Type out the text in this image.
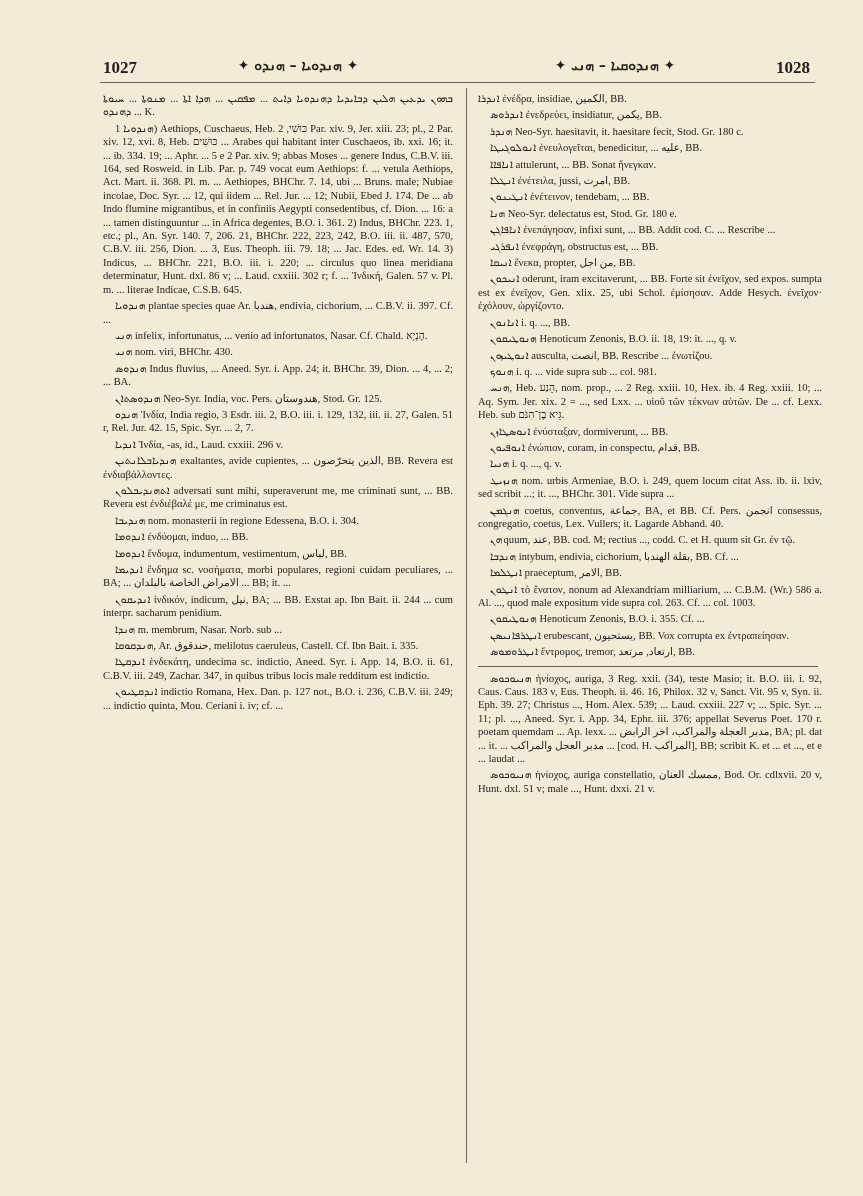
1027	✦ ܗܢܕܘܝܐ – ܗܢܕܘ ✦	✦ ܗܢܕܘܩܝܐ – ܗܢܝ ✦	1028

ܒܗܘܢ ܝܕܥܝܢ ܗܠܝܢ ܕܒܐܝܕܝܐ ܕܗܢܕܘܝܐ ܕܐܝܬ ... ܡܦܩܝܢ ... ܗܕܐ ܐܬܐ ... ܡܢܘܬܐ ... ܚܝܘܬܐ ܕܗܢܕܘ ... K.

ܗܢܕܘܝܐ 1) Aethiops, Cuschaeus, Heb. כּוּשִׁי, 2 Par. xiv. 9, Jer. xiii. 23; pl., 2 Par. xiv. 12, xvi. 8, Heb. כּוּשִׁים ... Arabes qui habitant inter Cuschaeos, ib. xxi. 16; it. ... ib. 334. 19; ... Aphr. ... 5 e 2 Par. xiv. 9; abbas Moses ... genere Indus, C.B.V. iii. 164, sed Rosweid. in Lib. Par. p. 749 vocat eum Aethiops: f. ... vetula Aethiops, Act. Mart. ii. 368. Pl. m. ... Aethiopes, BHChr. 7. 14, ubi ... Bruns. male; Nubiae incolae, Doc. Syr. ... 12, qui iidem ... Rel. Jur. ... 12; Nubii, Ebed J. 174. De ... ab Indo flumine migrantibus, et in confiniis Aegypti consedentibus, cf. Dion. ... 16: a ... tamen distinguuntur ... in Africa degentes, B.O. i. 361. 2) Indus, BHChr. 223. 1, etc.; pl., An. Syr. 140. 7, 206. 21, BHChr. 222, 223, 242, B.O. iii. ii. 487, 570, C.B.V. iii. 256, Dion. ... 3, Eus. Theoph. iii. 79. 18; ... Jac. Edes. ed. Wr. 14. 3) Indicus, ... BHChr. 221, B.O. iii. i. 220; ... circulus quo linea meridiana determinatur, Hunt. dxl. 86 v; ... Laud. cxxiii. 302 r; f. ... Ἰνδική, Galen. 57 v. Pl. m. ... literae Indicae, C.S.B. 645.

ܗܢܕܘܝܐ plantae species quae Ar. هندبا, endivia, cichorium, ... C.B.V. ii. 397. Cf. ...

ܗܢܝ infelix, infortunatus, ... venio ad infortunatos, Nasar. Cf. Chald. הֶנְיָא.

ܗܢܝ nom. viri, BHChr. 430.

ܗܢܕܘܣ Indus fluvius, ... Aneed. Syr. i. App. 24; it. BHChr. 39, Dion. ... 4, ... 2; ... BA.

ܗܢܕܘܣܬܐܢ Neo-Syr. India, voc. Pers. هندوستان, Stod. Gr. 125.

ܗܢܕܘ Ἰνδία, India regio, 3 Esdr. iii. 2, B.O. iii. i. 129, 132, iii. ii. 27, Galen. 51 r, Rel. Jur. 42. 15, Spic. Syr. ... 2, 7.

ܐܢܕܝܐ Ἰνδία, -as, id., Laud. cxxiii. 296 v.

ܗܢܕܝܐܒܠܐܢܬܝܢ exaltantes, avide cupientes, ... الذين يتحرّصون, BB. Revera est ἐνδιαβάλλοντες.

ܐܬܗܢܕܝܒܠܘܢ adversati sunt mihi, superaverunt me, me criminati sunt, ... BB. Revera est ἐνδιέβαλέ με, me criminatus est.

ܗܢܕܝܒܐ nom. monasterii in regione Edessena, B.O. i. 304.

ܐܢܕܘܡܐ ἐνδύομαι, induo, ... BB.

ܐܢܕܘܡܐ ἔνδυμα, indumentum, vestimentum, لباس, BB.

ܐܢܕܝܡܐ ἔνδημα sc. νοσήματα, morbi populares, regioni cuidam peculiares, ... BA; ... الامراض الخاصة بالبلدان ... BB; it. ...

ܐܢܕܝܩܘܢ ἰνδικόν, indicum, نيل, BA; ... BB. Exstat ap. Ibn Bait. ii. 244 ... cum interpr. sacharum penidium.

ܗܢܕܐ m. membrum, Nasar. Norb. sub ...

ܗܢܕܩܘܩܐ, Ar. حندقوق, melilotus caeruleus, Castell. Cf. Ibn Bait. i. 335.

ܐܢܕܩܛܐ ἑνδεκάτη, undecima sc. indictio, Aneed. Syr. i. App. 14, B.O. ii. 61, C.B.V. iii. 249, Zachar. 347, in quibus tribus locis male redditum est indictio.

ܐܢܕܩܛܝܘܢ indictio Romana, Hex. Dan. p. 127 not., B.O. i. 236, C.B.V. iii. 249; ... indictio quinta, Mou. Ceriani i. iv; cf. ...

ܐܢܕܪܐ ἐνέδρα, insidiae, الكمين, BB.

ܐܢܕܪܘܣ ἐνεδρεύει, insidiatur, يكمن, BB.

ܗܢܕܪ Neo-Syr. haesitavit, it. haesitare fecit, Stod. Gr. 180 c.

ܐܢܘܠܘܓܝܛܐ ἐνευλογεῖται, benedicitur, ... عليه, BB.

ܐܢܐܦܐܐ attulerunt, ... BB. Sonat ἤνεγκαν.

ܐܢܛܠܐ ἐνέτειλα, jussi, امرت, BB.

ܐܢܛܝܢܘܢ ἐνέτεινον, tendebam, ... BB.

ܗܢܐ Neo-Syr. delectatus est, Stod. Gr. 180 e.

ܐܢܐܦܐܓܢ ἐνεπάγησαν, infixi sunt, ... BB. Addit cod. C. ... Rescribe ...

ܐܢܦܪܓܝ ἐνεφράγη, obstructus est, ... BB.

ܐܢܝܩܐ ἕνεκα, propter, من اجل, BB.

ܐܢܝܟܘܢ oderunt, iram excitaverunt, ... BB. Forte sit ἐνεῖχον, sed expos. sumpta est ex ἐνεῖχον, Gen. xlix. 25, ubi Schol. ἐμίσησαν. Adde Hesych. ἐνεῖχον· ἐχόλουν, ὠργίζοντο.

ܐܢܐܢܘܢ i. q. ..., BB.

ܗܢܘܛܝܩܘܢ Henoticum Zenonis, B.O. ii. 18, 19: it. ..., q. v.

ܐܢܘܛܝܙܘܢ ausculta, انصت, BB. Rescribe ... ἐνωτίζου.

ܗܢܘܟ i. q. ... vide supra sub ... col. 981.

ܗܢܚ, Heb. הֵנַע, nom. prop., ... 2 Reg. xxiii. 10, Hex. ib. 4 Reg. xxiii. 10; ... Aq. Sym. Jer. xix. 2 = ..., sed Lxx. ... υἱοῦ τῶν τέκνων αὐτῶν. De ... cf. Lexx. Heb. sub גֵּיא בֶן־הִנֹּם.

ܐܢܘܣܛܐܙܢ ἐνύσταξαν, dormiverunt, ... BB.

ܐܢܘܦܝܘܢ ἐνώπιον, coram, in conspectu, قدام, BB.

ܗܢܝܐ i. q. ..., q. v.

ܗܢܙܝܛ nom. urbis Armeniae, B.O. i. 249, quem locum citat Ass. ib. ii. lxiv, sed scribit ...; it. ..., BHChr. 301. Vide supra ...

ܗܢܓܡܢ coetus, conventus, جماعة, BA, et BB. Cf. Pers. انجمن consessus, congregatio, coetus, Lex. Vullers; it. Lagarde Abhand. 40.

ܗܢ quum, عند, BB. cod. M; rectius ..., codd. C. et H. quum sit Gr. ἐν τῷ.

ܗܢܕܒܐ intybum, endivia, cichorium, بقلة الهندبا, BB. Cf. ...

ܐܢܛܠܡܐ praeceptum, الامر, BB.

ܐܢܛܘܢ τὸ ἔνατον, nonum ad Alexandriam milliarium, ... C.B.M. (Wr.) 586 a. Al. ..., quod male expositum vide supra col. 263. Cf. ... col. 1003.

ܗܢܘܛܝܩܘܢ Henoticum Zenonis, B.O. i. 355. Cf. ...

ܐܢܛܪܦܐܢܝܣܢ erubescant, يستحيون, BB. Vox corrupta ex ἐντραπείησαν.

ܐܢܛܪܘܡܘܣ ἔντρομος, tremor, ارتعاد, مرتعد, BB.

ܗܢܝܘܟܘܣ ἡνίοχος, auriga, 3 Reg. xxii. (34), teste Masio; it. B.O. iii. i. 92, Caus. Caus. 183 v, Eus. Theoph. ii. 46. 16, Philox. 32 v, Sanct. Vit. 95 v, Syn. ii. Eph. 39. 27; Christus ..., Hom. Alex. 539; ... Laud. cxxiii. 227 v; ... Spic. Syr. ... 11; pl. ..., Aneed. Syr. i. App. 34, Ephr. iii. 376; appellat Severus Poet. 170 r. poetam quemdam ... Ap. lexx. ... مدبر العجلة والمراكب، اخر الرابض, BA; pl. dat ... it. ... مدبر العجل والمراكب ... [cod. H. المراكب], BB; scribit K. et ... et ..., et e ... laudat ...

ܗܢܝܘܟܘܣ ἡνίοχος, auriga constellatio, ممسك العنان, Bod. Or. cdlxvii. 20 v, Hunt. dxl. 51 v; male ..., Hunt. dxxi. 21 v.
